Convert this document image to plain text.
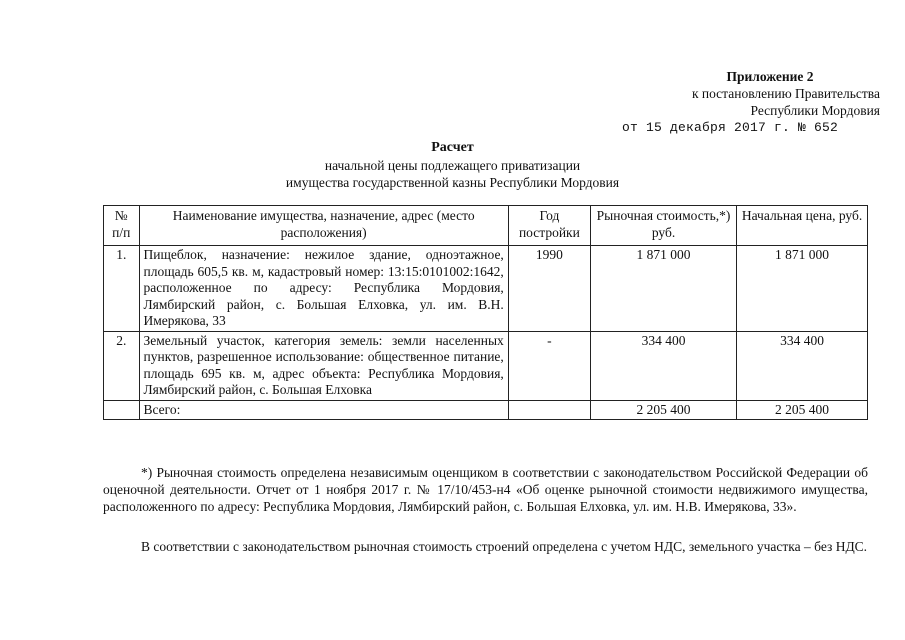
Приложение 2
к постановлению Правительства
Республики Мордовия
от 15 декабря 2017 г. № 652
Расчет
начальной цены подлежащего приватизации
имущества государственной казны Республики Мордовия
№ п/п	Наименование имущества, назначение, адрес (место расположения)	Год постройки	Рыночная стоимость,*) руб.	Начальная цена, руб.
1.	Пищеблок, назначение: нежилое здание, одноэтажное, площадь 605,5 кв. м, кадастровый номер: 13:15:0101002:1642, расположенное по адресу: Республика Мордовия, Лямбирский район, с. Большая Елховка, ул. им. В.Н. Имерякова, 33	1990	1 871 000	1 871 000
2.	Земельный участок, категория земель: земли населенных пунктов, разрешенное использование: общественное питание, площадь 695 кв. м, адрес объекта: Республика Мордовия, Лямбирский район, с. Большая Елховка	-	334 400	334 400
	Всего:		2 205 400	2 205 400
*) Рыночная стоимость определена независимым оценщиком в соответствии с законодательством Российской Федерации об оценочной деятельности. Отчет от 1 ноября 2017 г. № 17/10/453-н4 «Об оценке рыночной стоимости недвижимого имущества, расположенного по адресу: Республика Мордовия, Лямбирский район, с. Большая Елховка, ул. им. Н.В. Имерякова, 33».
В соответствии с законодательством рыночная стоимость строений определена с учетом НДС, земельного участка – без НДС.
